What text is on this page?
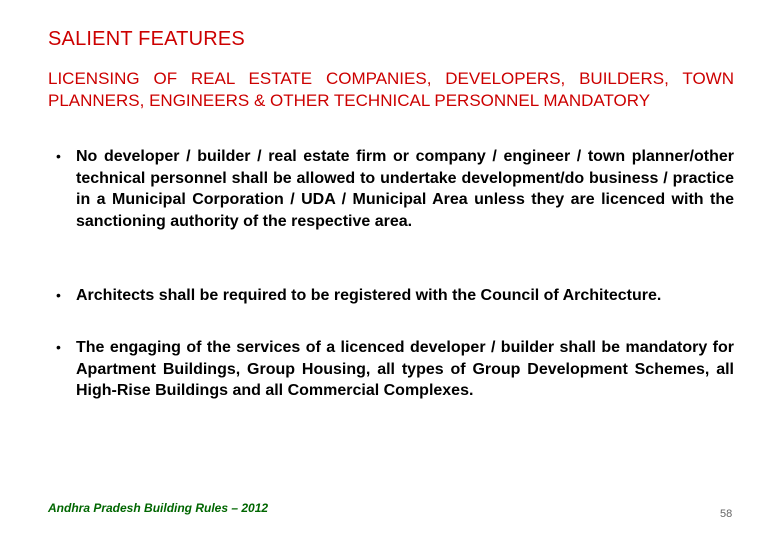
SALIENT FEATURES
LICENSING OF REAL ESTATE COMPANIES, DEVELOPERS, BUILDERS, TOWN PLANNERS, ENGINEERS & OTHER TECHNICAL PERSONNEL MANDATORY
• No developer / builder / real estate firm or company / engineer / town planner/other technical personnel shall be allowed to undertake development/do business / practice in a Municipal Corporation / UDA / Municipal Area unless they are licenced with the sanctioning authority of the respective area.
• Architects shall be required to be registered with the Council of Architecture.
• The engaging of the services of a licenced developer / builder shall be mandatory for Apartment Buildings, Group Housing, all types of Group Development Schemes, all High-Rise Buildings and all Commercial Complexes.
Andhra Pradesh Building Rules – 2012	58
